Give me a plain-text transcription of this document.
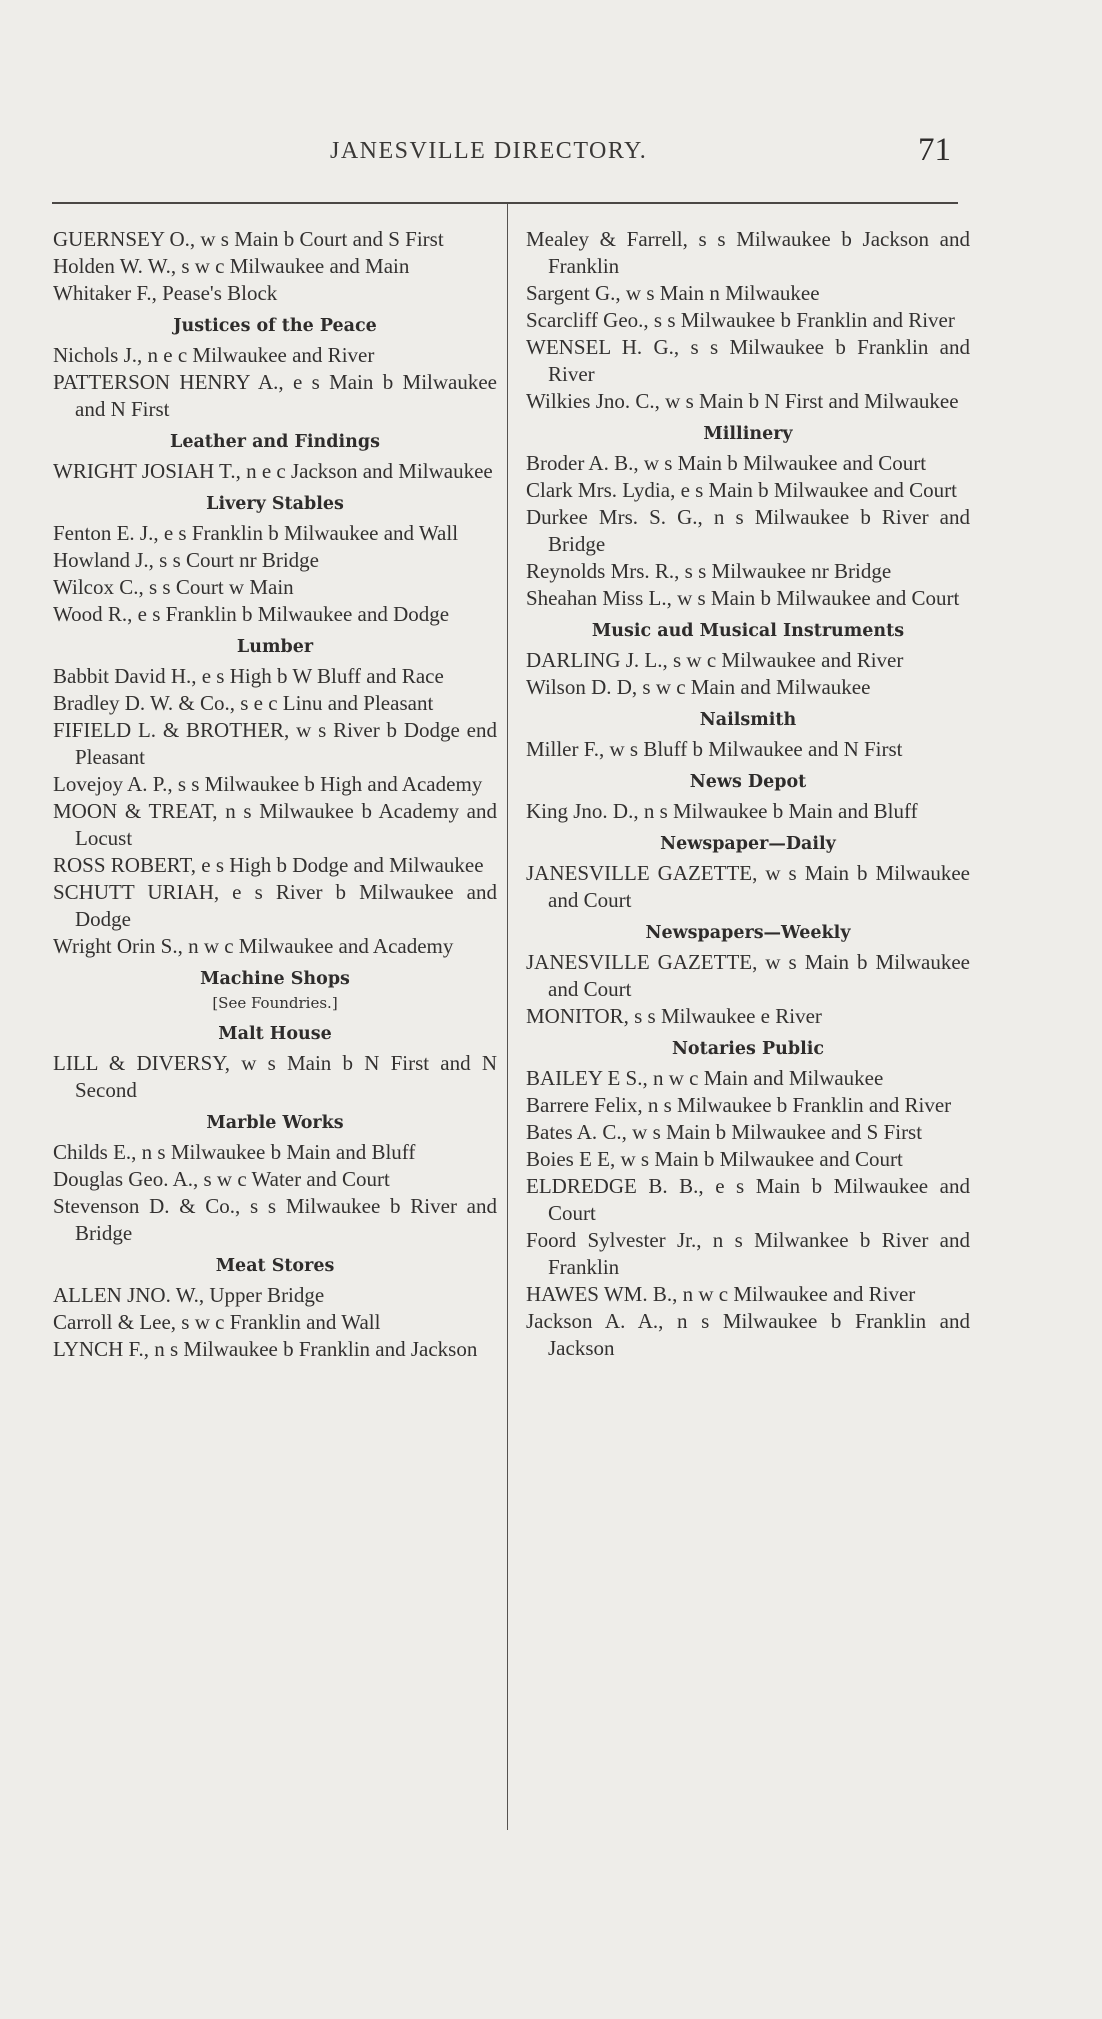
JANESVILLE DIRECTORY.	71
GUERNSEY O., w s Main b Court and S First
Holden W. W., s w c Milwaukee and Main
Whitaker F., Pease's Block
Justices of the Peace
Nichols J., n e c Milwaukee and River
PATTERSON HENRY A., e s Main b Milwaukee and N First
Leather and Findings
WRIGHT JOSIAH T., n e c Jackson and Milwaukee
Livery Stables
Fenton E. J., e s Franklin b Milwaukee and Wall
Howland J., s s Court nr Bridge
Wilcox C., s s Court w Main
Wood R., e s Franklin b Milwaukee and Dodge
Lumber
Babbit David H., e s High b W Bluff and Race
Bradley D. W. & Co., s e c Linu and Pleasant
FIFIELD L. & BROTHER, w s River b Dodge end Pleasant
Lovejoy A. P., s s Milwaukee b High and Academy
MOON & TREAT, n s Milwaukee b Academy and Locust
ROSS ROBERT, e s High b Dodge and Milwaukee
SCHUTT URIAH, e s River b Milwaukee and Dodge
Wright Orin S., n w c Milwaukee and Academy
Machine Shops
[See Foundries.]
Malt House
LILL & DIVERSY, w s Main b N First and N Second
Marble Works
Childs E., n s Milwaukee b Main and Bluff
Douglas Geo. A., s w c Water and Court
Stevenson D. & Co., s s Milwaukee b River and Bridge
Meat Stores
ALLEN JNO. W., Upper Bridge
Carroll & Lee, s w c Franklin and Wall
LYNCH F., n s Milwaukee b Franklin and Jackson
Mealey & Farrell, s s Milwaukee b Jackson and Franklin
Sargent G., w s Main n Milwaukee
Scarcliff Geo., s s Milwaukee b Franklin and River
WENSEL H. G., s s Milwaukee b Franklin and River
Wilkies Jno. C., w s Main b N First and Milwaukee
Millinery
Broder A. B., w s Main b Milwaukee and Court
Clark Mrs. Lydia, e s Main b Milwaukee and Court
Durkee Mrs. S. G., n s Milwaukee b River and Bridge
Reynolds Mrs. R., s s Milwaukee nr Bridge
Sheahan Miss L., w s Main b Milwaukee and Court
Music aud Musical Instruments
DARLING J. L., s w c Milwaukee and River
Wilson D. D, s w c Main and Milwaukee
Nailsmith
Miller F., w s Bluff b Milwaukee and N First
News Depot
King Jno. D., n s Milwaukee b Main and Bluff
Newspaper—Daily
JANESVILLE GAZETTE, w s Main b Milwaukee and Court
Newspapers—Weekly
JANESVILLE GAZETTE, w s Main b Milwaukee and Court
MONITOR, s s Milwaukee e River
Notaries Public
BAILEY E S., n w c Main and Milwaukee
Barrere Felix, n s Milwaukee b Franklin and River
Bates A. C., w s Main b Milwaukee and S First
Boies E E, w s Main b Milwaukee and Court
ELDREDGE B. B., e s Main b Milwaukee and Court
Foord Sylvester Jr., n s Milwankee b River and Franklin
HAWES WM. B., n w c Milwaukee and River
Jackson A. A., n s Milwaukee b Franklin and Jackson
